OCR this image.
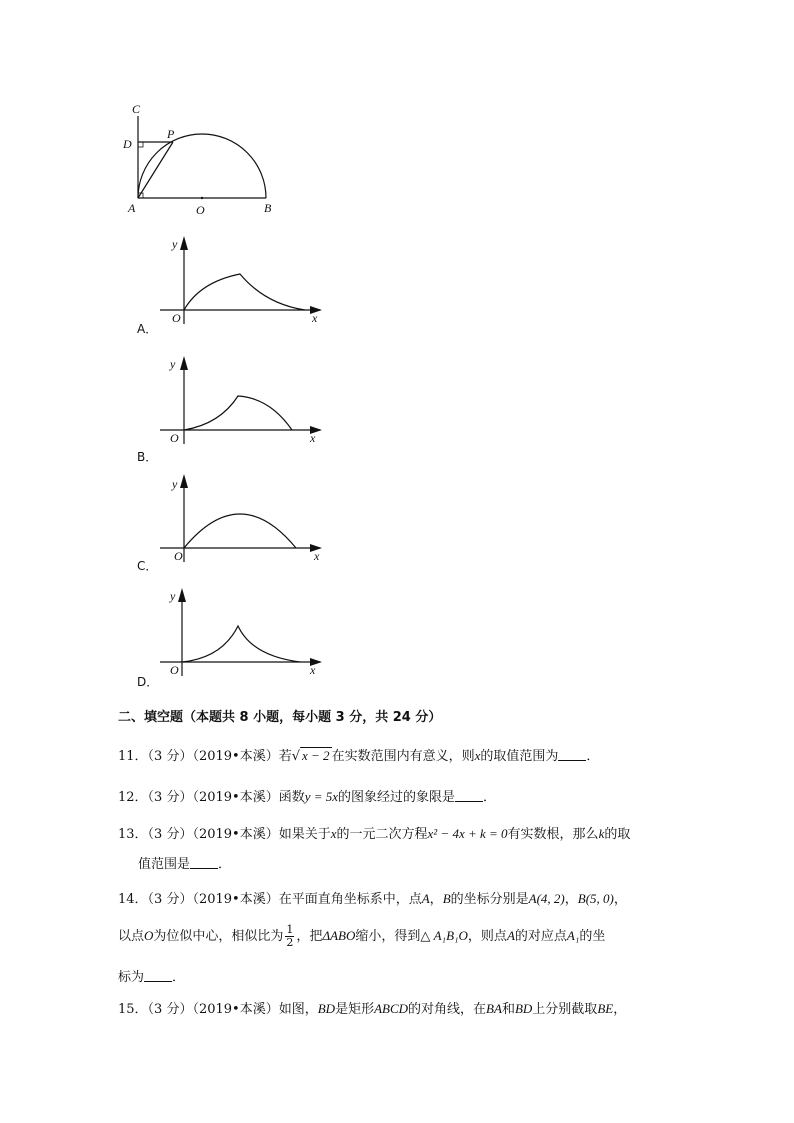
C
D
P
A	O	B
y
x
O
A．
y
x
O
B．
y
x
O
C．
y
x
O
D．
二、填空题（本题共 8 小题，每小题 3 分，共 24 分）
11．（3 分）（2019•本溪）若√ x − 2 在实数范围内有意义，则x的取值范围为 ．
12．（3 分）（2019•本溪）函数y = 5x的图象经过的象限是 ．
13．（3 分）（2019•本溪）如果关于x的一元二次方程x² − 4x + k = 0有实数根，那么k的取
值范围是 ．
14．（3 分）（2019•本溪）在平面直角坐标系中，点A，B的坐标分别是A(4, 2)，B(5, 0)，
以点O为位似中心，相似比为 $\frac{1}{2}$ ，把ΔABO缩小，得到△ A₁B₁O，则点A的对应点A₁的坐
标为 ．
15．（3 分）（2019•本溪）如图，BD是矩形ABCD的对角线，在BA和BD上分别截取BE，
